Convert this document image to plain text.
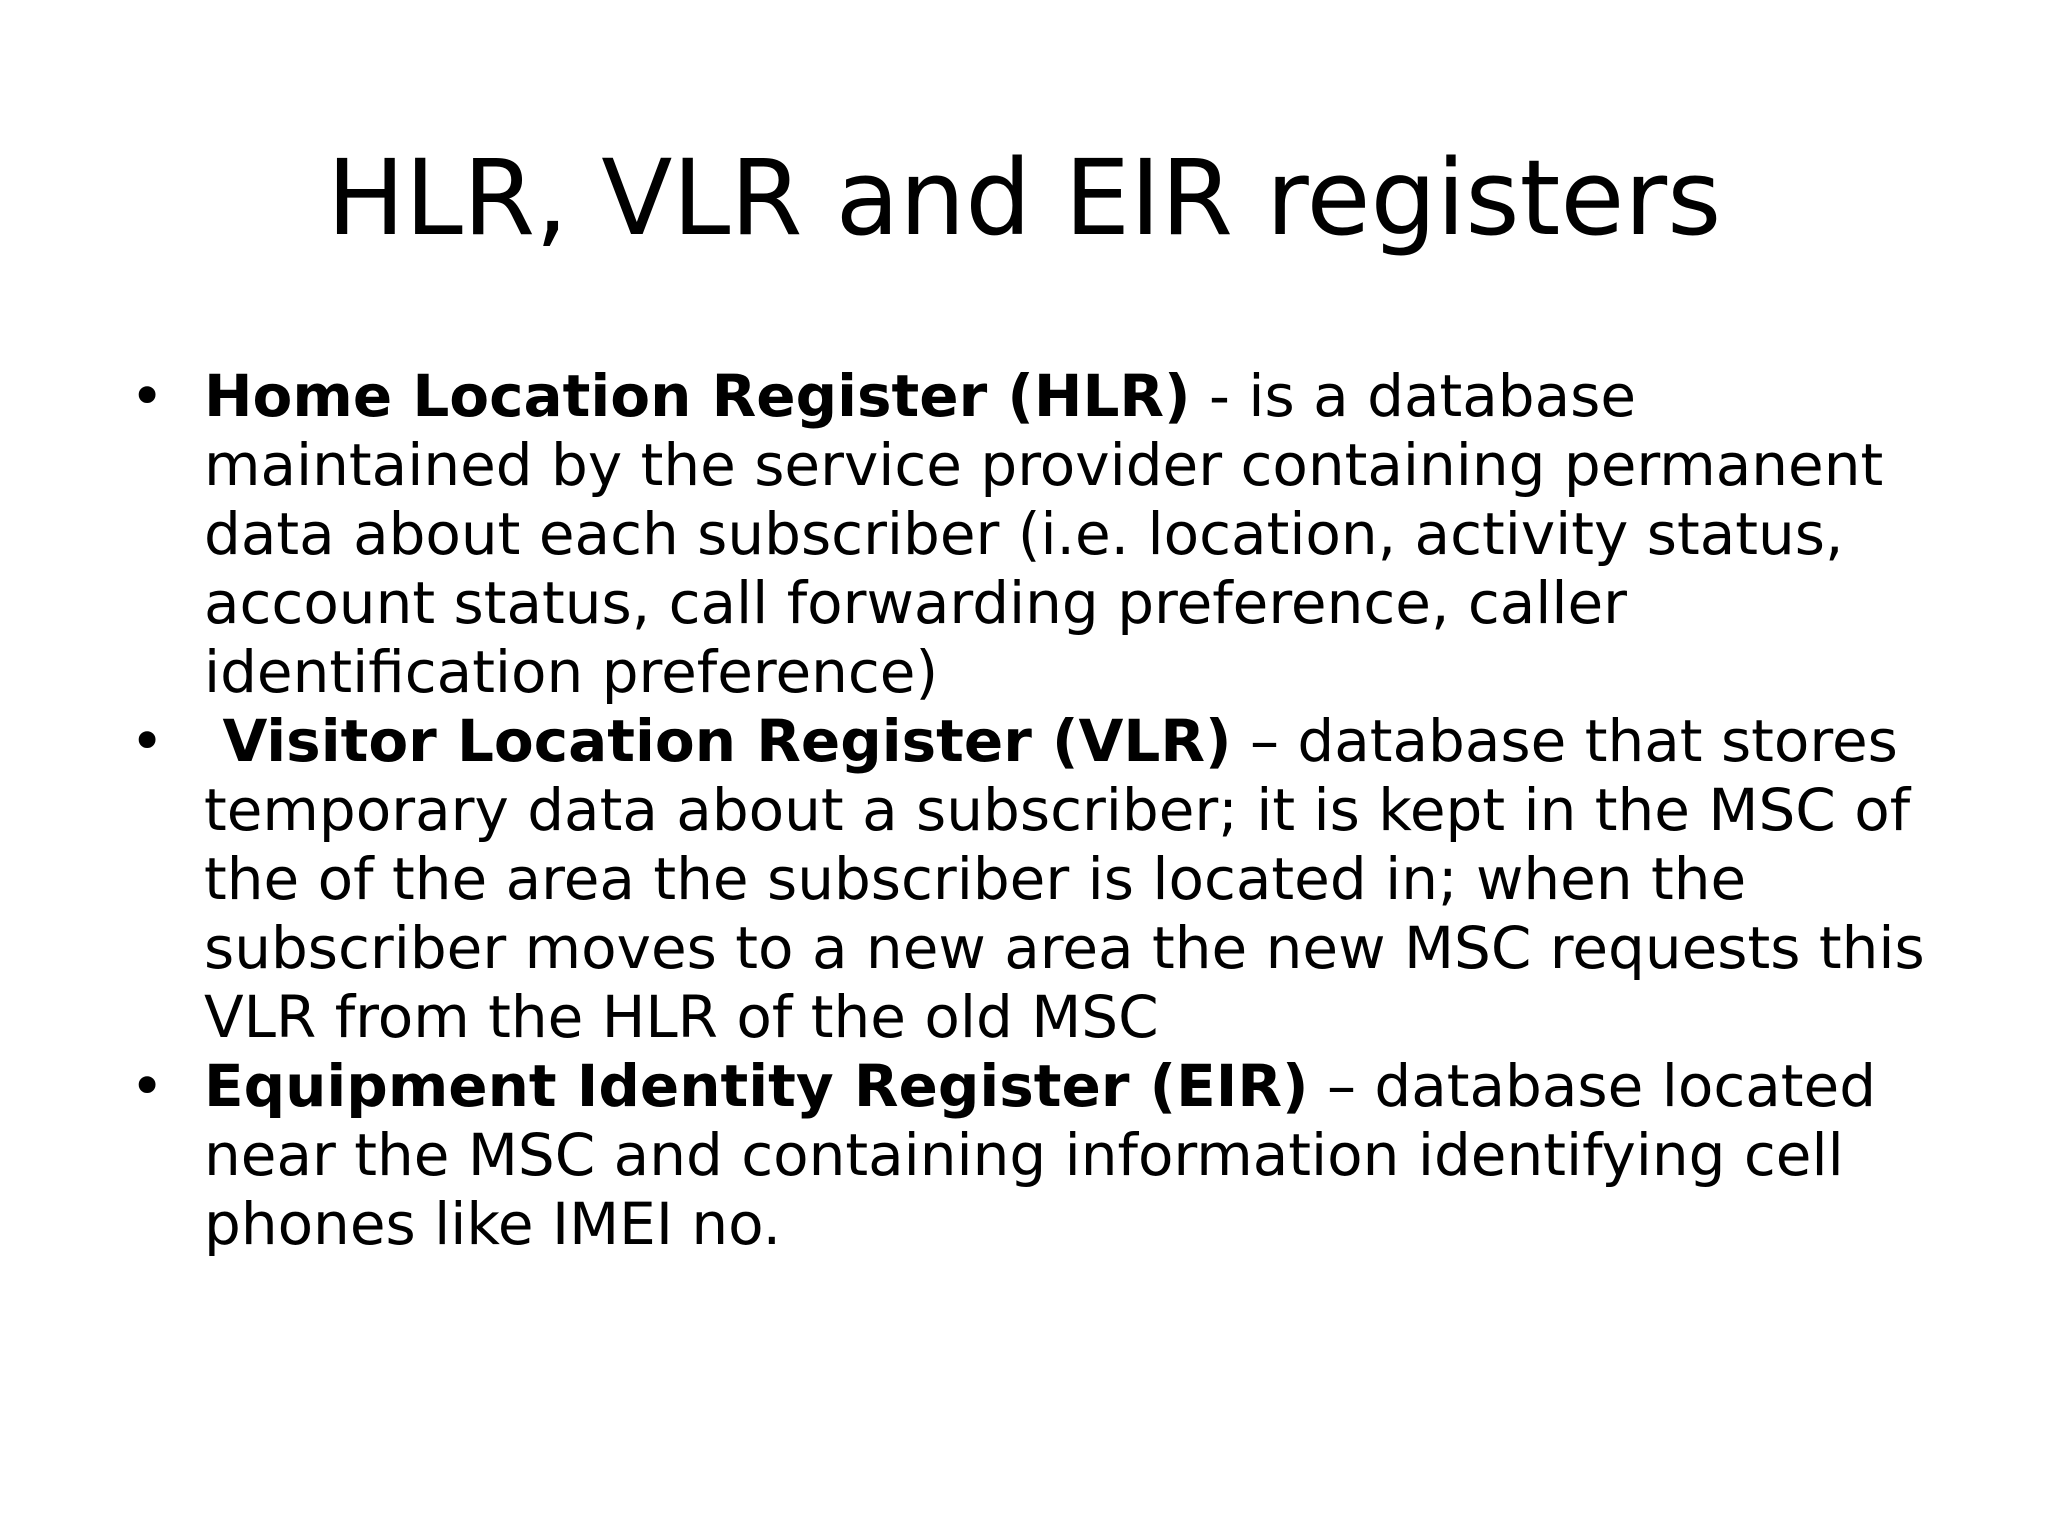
HLR, VLR and EIR registers
• Home Location Register (HLR) - is a database maintained by the service provider containing permanent data about each subscriber (i.e. location, activity status, account status, call forwarding preference, caller identification preference)
• Visitor Location Register (VLR) – database that stores temporary data about a subscriber; it is kept in the MSC of the of the area the subscriber is located in; when the subscriber moves to a new area the new MSC requests this VLR from the HLR of the old MSC
• Equipment Identity Register (EIR) – database located near the MSC and containing information identifying cell phones like IMEI no.
